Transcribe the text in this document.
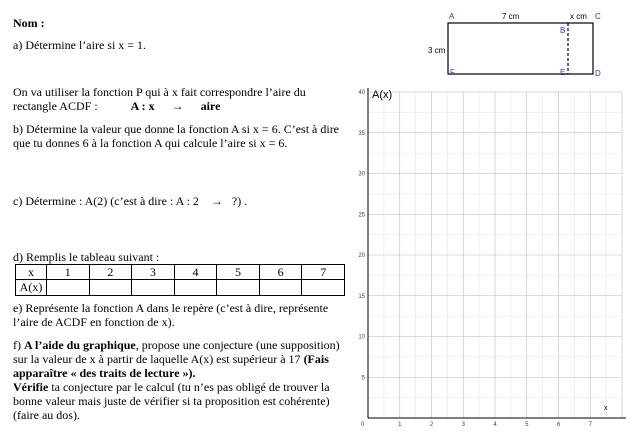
Nom :
a) Détermine l’aire si x = 1.
On va utiliser la fonction P qui à x fait correspondre l’aire du
rectangle ACDF :	A : x → aire
b) Détermine la valeur que donne la fonction A si x = 6. C’est à dire
que tu donnes 6 à la fonction A qui calcule l’aire si x = 6.
c) Détermine : A(2) (c’est à dire : A : 2    →   ?) .
d) Remplis le tableau suivant :
x	1	2	3	4	5	6	7
A(x)							
e) Représente la fonction A dans le repère (c’est à dire, représente
l’aire de ACDF en fonction de x).
f) A l’aide du graphique, propose une conjecture (une supposition)
sur la valeur de x à partir de laquelle A(x) est supérieur à 17 (Fais
apparaître « des traits de lecture »).
Vérifie ta conjecture par le calcul (tu n’es pas obligé de trouver la
bonne valeur mais juste de vérifier si ta proposition est cohérente)
(faire au dos).
A
B
C
D
E
F
7 cm	x cm
3 cm
1	2	3	4	5	6	7
5
10
15
20
25
30
35
40 A(x)
x
0
